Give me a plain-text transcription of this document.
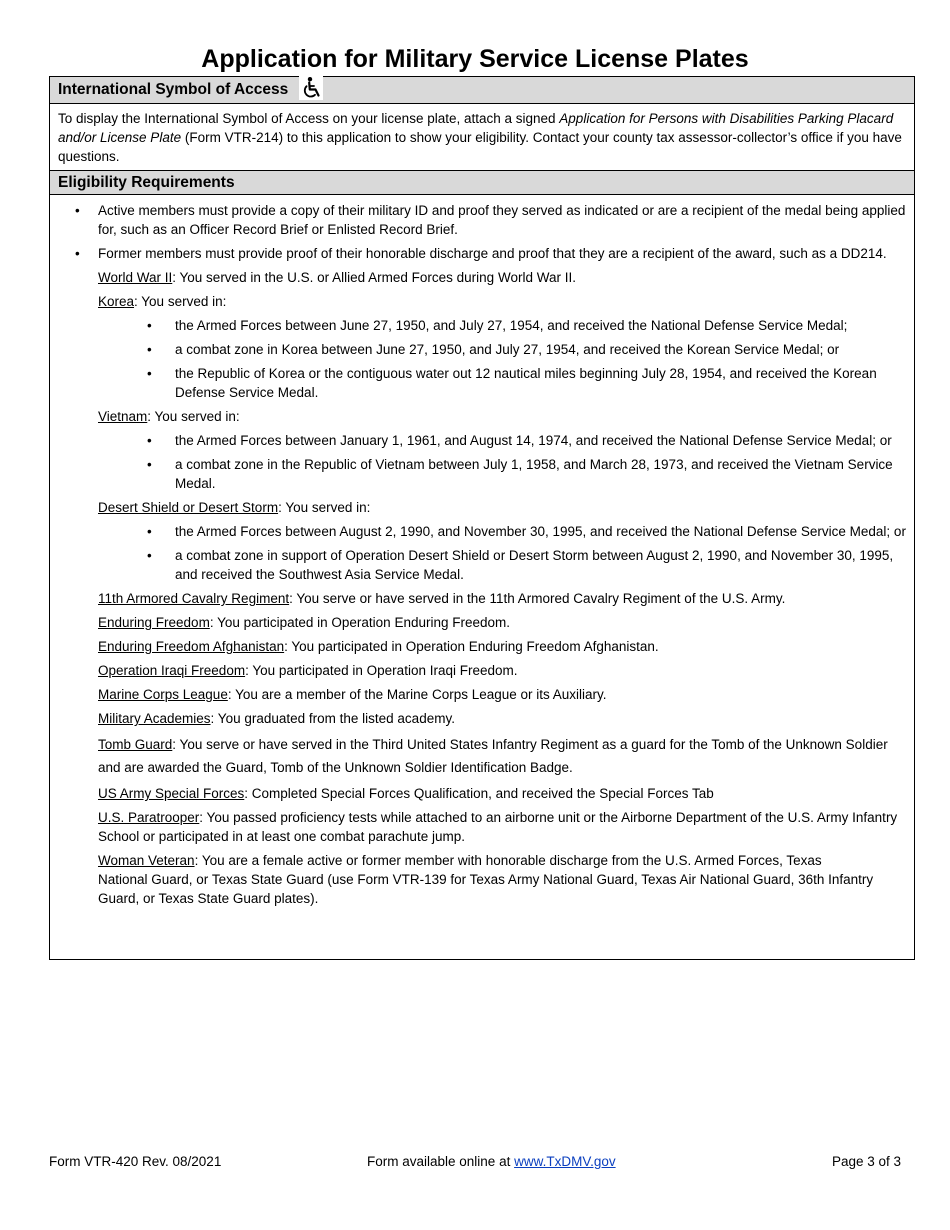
Application for Military Service License Plates
International Symbol of Access
To display the International Symbol of Access on your license plate, attach a signed Application for Persons with Disabilities Parking Placard and/or License Plate (Form VTR-214) to this application to show your eligibility. Contact your county tax assessor-collector’s office if you have questions.
Eligibility Requirements
• Active members must provide a copy of their military ID and proof they served as indicated or are a recipient of the medal being applied for, such as an Officer Record Brief or Enlisted Record Brief.
• Former members must provide proof of their honorable discharge and proof that they are a recipient of the award, such as a DD214.
World War II: You served in the U.S. or Allied Armed Forces during World War II.
Korea: You served in:
• the Armed Forces between June 27, 1950, and July 27, 1954, and received the National Defense Service Medal;
• a combat zone in Korea between June 27, 1950, and July 27, 1954, and received the Korean Service Medal; or
• the Republic of Korea or the contiguous water out 12 nautical miles beginning July 28, 1954, and received the Korean Defense Service Medal.
Vietnam: You served in:
• the Armed Forces between January 1, 1961, and August 14, 1974, and received the National Defense Service Medal; or
• a combat zone in the Republic of Vietnam between July 1, 1958, and March 28, 1973, and received the Vietnam Service Medal.
Desert Shield or Desert Storm: You served in:
• the Armed Forces between August 2, 1990, and November 30, 1995, and received the National Defense Service Medal; or
• a combat zone in support of Operation Desert Shield or Desert Storm between August 2, 1990, and November 30, 1995, and received the Southwest Asia Service Medal.
11th Armored Cavalry Regiment: You serve or have served in the 11th Armored Cavalry Regiment of the U.S. Army.
Enduring Freedom: You participated in Operation Enduring Freedom.
Enduring Freedom Afghanistan: You participated in Operation Enduring Freedom Afghanistan.
Operation Iraqi Freedom: You participated in Operation Iraqi Freedom.
Marine Corps League: You are a member of the Marine Corps League or its Auxiliary.
Military Academies: You graduated from the listed academy.
Tomb Guard: You serve or have served in the Third United States Infantry Regiment as a guard for the Tomb of the Unknown Soldier and are awarded the Guard, Tomb of the Unknown Soldier Identification Badge.
US Army Special Forces: Completed Special Forces Qualification, and received the Special Forces Tab
U.S. Paratrooper: You passed proficiency tests while attached to an airborne unit or the Airborne Department of the U.S. Army Infantry School or participated in at least one combat parachute jump.
Woman Veteran: You are a female active or former member with honorable discharge from the U.S. Armed Forces, Texas National Guard, or Texas State Guard (use Form VTR-139 for Texas Army National Guard, Texas Air National Guard, 36th Infantry Guard, or Texas State Guard plates).
Form VTR-420 Rev. 08/2021	Form available online at www.TxDMV.gov	Page 3 of 3
